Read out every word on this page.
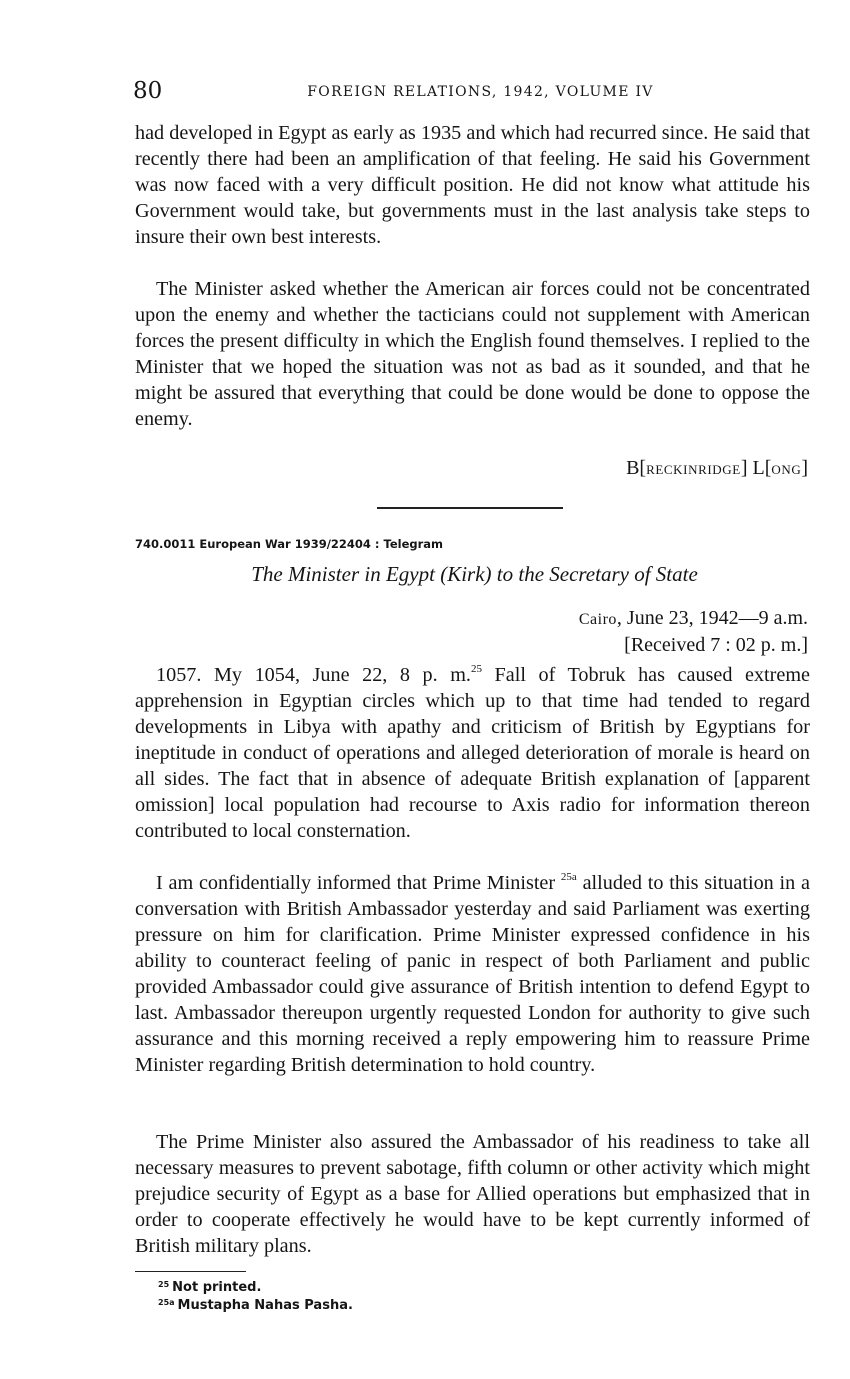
80	FOREIGN RELATIONS, 1942, VOLUME IV

had developed in Egypt as early as 1935 and which had recurred since. He said that recently there had been an amplification of that feeling. He said his Government was now faced with a very difficult position. He did not know what attitude his Government would take, but governments must in the last analysis take steps to insure their own best interests.

The Minister asked whether the American air forces could not be concentrated upon the enemy and whether the tacticians could not supplement with American forces the present difficulty in which the English found themselves. I replied to the Minister that we hoped the situation was not as bad as it sounded, and that he might be assured that everything that could be done would be done to oppose the enemy.

B[RECKINRIDGE] L[ONG]
740.0011 European War 1939/22404 : Telegram
The Minister in Egypt (Kirk) to the Secretary of State
Cairo, June 23, 1942—9 a.m.
[Received 7 : 02 p. m.]

1057. My 1054, June 22, 8 p. m.$^{25}$ Fall of Tobruk has caused extreme apprehension in Egyptian circles which up to that time had tended to regard developments in Libya with apathy and criticism of British by Egyptians for ineptitude in conduct of operations and alleged deterioration of morale is heard on all sides. The fact that in absence of adequate British explanation of [apparent omission] local population had recourse to Axis radio for information thereon contributed to local consternation.

I am confidentially informed that Prime Minister $^{25a}$ alluded to this situation in a conversation with British Ambassador yesterday and said Parliament was exerting pressure on him for clarification. Prime Minister expressed confidence in his ability to counteract feeling of panic in respect of both Parliament and public provided Ambassador could give assurance of British intention to defend Egypt to last. Ambassador thereupon urgently requested London for authority to give such assurance and this morning received a reply empowering him to reassure Prime Minister regarding British determination to hold country.

The Prime Minister also assured the Ambassador of his readiness to take all necessary measures to prevent sabotage, fifth column or other activity which might prejudice security of Egypt as a base for Allied operations but emphasized that in order to cooperate effectively he would have to be kept currently informed of British military plans.

$^{25}$ Not printed.
$^{25a}$ Mustapha Nahas Pasha.
